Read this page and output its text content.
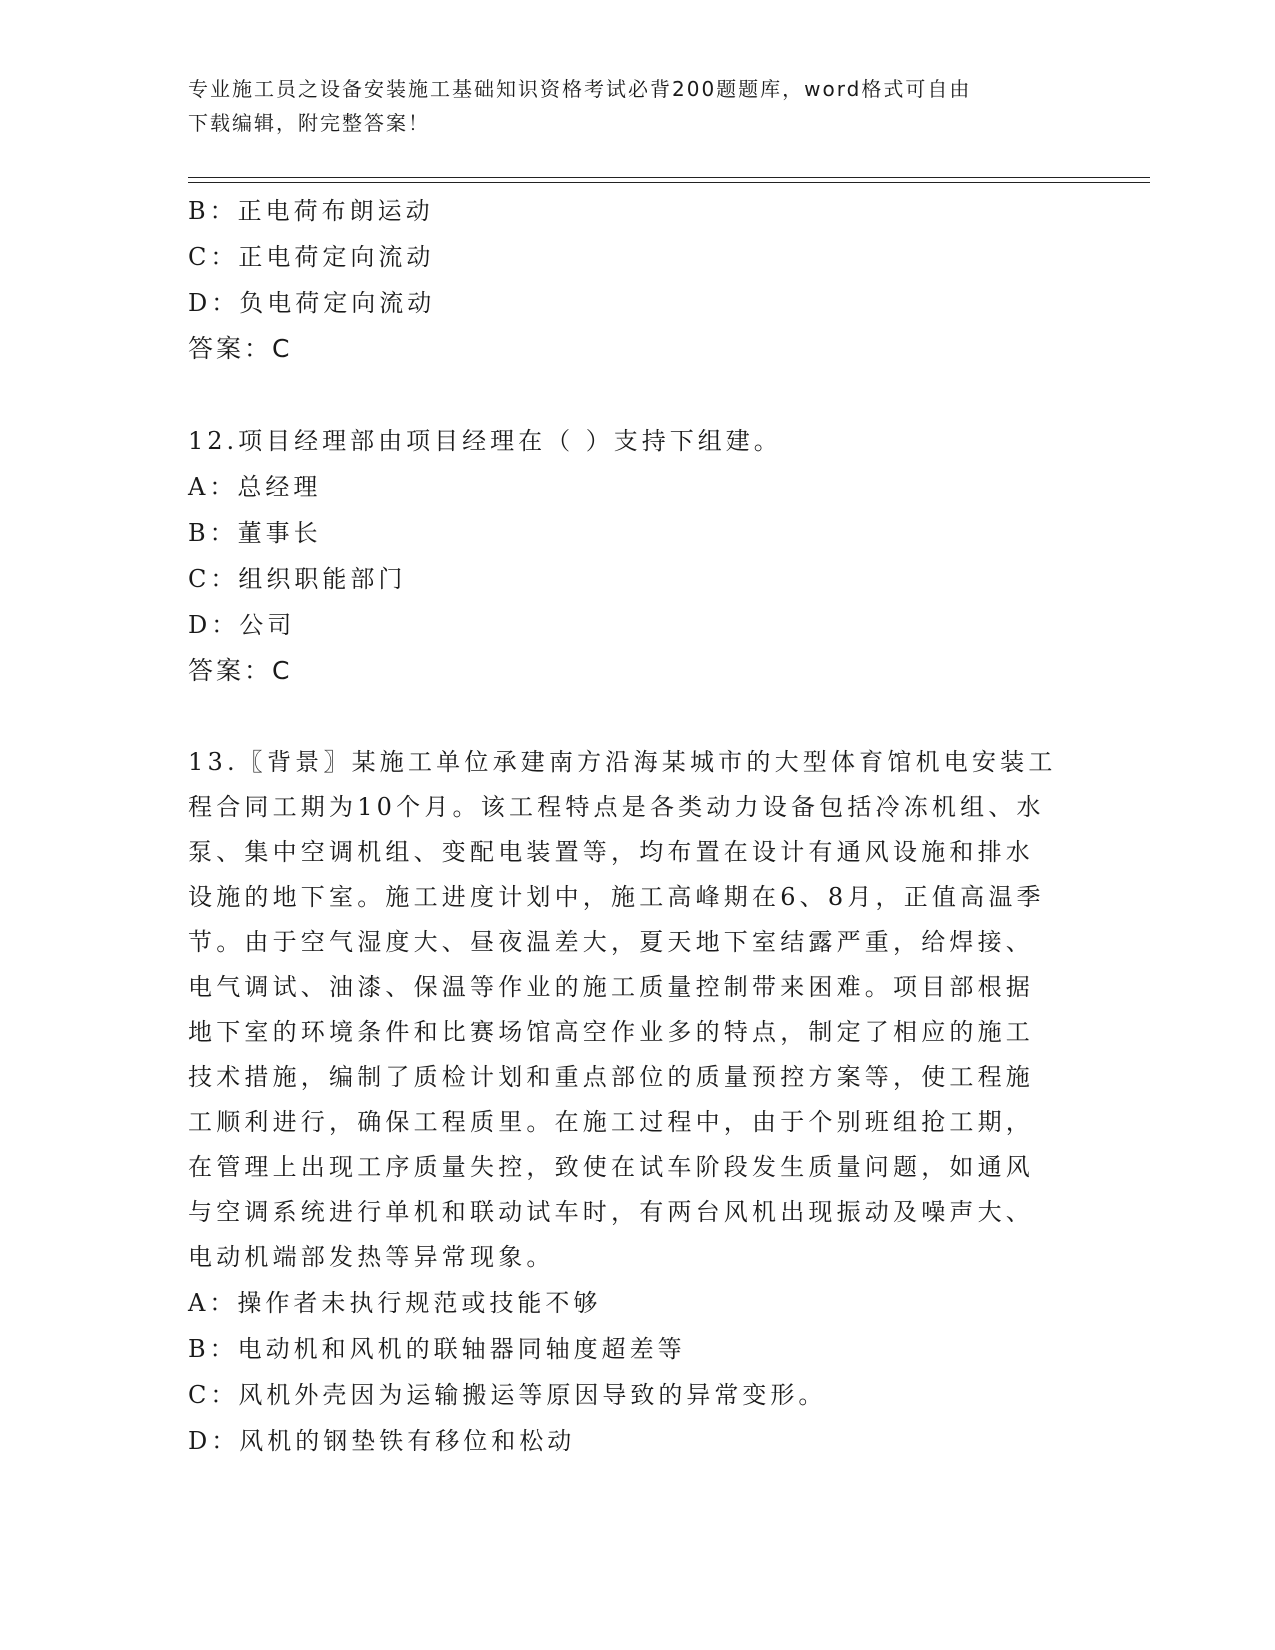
专业施工员之设备安装施工基础知识资格考试必背200题题库，word格式可自由
下载编辑，附完整答案！
B：正电荷布朗运动
C：正电荷定向流动
D：负电荷定向流动
答案：C
12.项目经理部由项目经理在（ ）支持下组建。
A：总经理
B：董事长
C：组织职能部门
D：公司
答案：C
13.〖背景〗某施工单位承建南方沿海某城市的大型体育馆机电安装工
程合同工期为10个月。该工程特点是各类动力设备包括冷冻机组、水
泵、集中空调机组、变配电装置等，均布置在设计有通风设施和排水
设施的地下室。施工进度计划中，施工高峰期在6、8月，正值高温季
节。由于空气湿度大、昼夜温差大，夏天地下室结露严重，给焊接、
电气调试、油漆、保温等作业的施工质量控制带来困难。项目部根据
地下室的环境条件和比赛场馆高空作业多的特点，制定了相应的施工
技术措施，编制了质检计划和重点部位的质量预控方案等，使工程施
工顺利进行，确保工程质里。在施工过程中，由于个别班组抢工期，
在管理上出现工序质量失控，致使在试车阶段发生质量问题，如通风
与空调系统进行单机和联动试车时，有两台风机出现振动及噪声大、
电动机端部发热等异常现象。
A：操作者未执行规范或技能不够
B：电动机和风机的联轴器同轴度超差等
C：风机外壳因为运输搬运等原因导致的异常变形。
D：风机的钢垫铁有移位和松动
